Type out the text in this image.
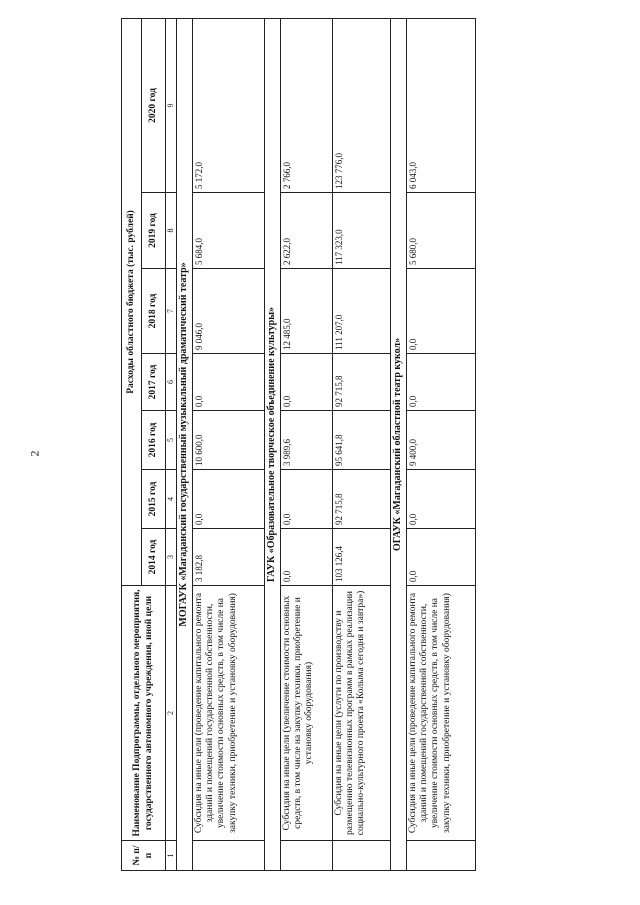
2
№ п/п	Наименование Подпрограммы, отдельного мероприятия, государственного автономного учреждения, иной цели	Расходы областного бюджета (тыс. рублей)						
		2014 год	2015 год	2016 год	2017 год	2018 год	2019 год	2020 год
1	2	3	4	5	6	7	8	9
МОГАУК «Магаданский государственный музыкальный драматический театр»								
	Субсидия на иные цели (проведение капитального ремонта зданий и помещений государственной собственности, увеличение стоимости основных средств, в том числе на закупку техники, приобретение и установку оборудования)	3 182,8	0,0	10 600,0	0,0	9 046,0	5 684,0	5 172,0
ГАУК «Образовательное творческое объединение культуры»								
	Субсидия на иные цели (увеличение стоимости основных средств, в том числе на закупку техники, приобретение и установку оборудования)	0,0	0,0	3 989,6	0,0	12 485,0	2 622,0	2 766,0
	Субсидия на иные цели (услуги по производству и размещению телевизионных программ в рамках реализации социально-культурного проекта «Колыма сегодня и завтра»)	103 126,4	92 715,8	95 641,8	92 715,8	111 207,0	117 323,0	123 776,0
ОГАУК «Магаданский областной театр кукол»								
	Субсидия на иные цели (проведение капитального ремонта зданий и помещений государственной собственности, увеличение стоимости основных средств, в том числе на закупку техники, приобретение и установку оборудования)	0,0	0,0	9 400,0	0,0	0,0	5 680,0	6 043,0
